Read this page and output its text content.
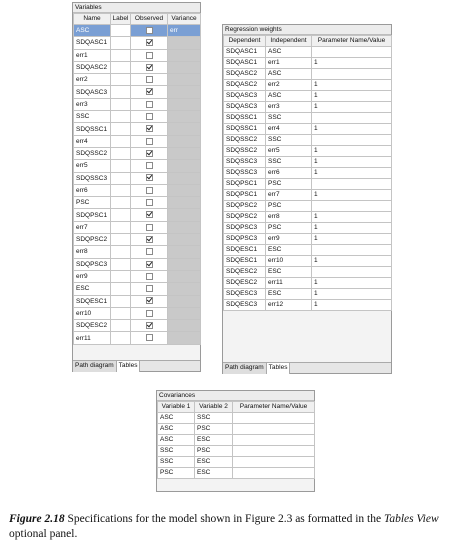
Variables
Name	Label	Observed	Variance
ASC			err
SDQASC1			
err1			
SDQASC2			
err2			
SDQASC3			
err3			
SSC			
SDQSSC1			
err4			
SDQSSC2			
err5			
SDQSSC3			
err6			
PSC			
SDQPSC1			
err7			
SDQPSC2			
err8			
SDQPSC3			
err9			
ESC			
SDQESC1			
err10			
SDQESC2			
err11			
Path diagram Tables
Regression weights
Dependent	Independent	Parameter Name/Value
SDQASC1	ASC	
SDQASC1	err1	1
SDQASC2	ASC	
SDQASC2	err2	1
SDQASC3	ASC	1
SDQASC3	err3	1
SDQSSC1	SSC	
SDQSSC1	err4	1
SDQSSC2	SSC	
SDQSSC2	err5	1
SDQSSC3	SSC	1
SDQSSC3	err6	1
SDQPSC1	PSC	
SDQPSC1	err7	1
SDQPSC2	PSC	
SDQPSC2	err8	1
SDQPSC3	PSC	1
SDQPSC3	err9	1
SDQESC1	ESC	
SDQESC1	err10	1
SDQESC2	ESC	
SDQESC2	err11	1
SDQESC3	ESC	1
SDQESC3	err12	1
Path diagram Tables
Covariances
Variable 1	Variable 2	Parameter Name/Value
ASC	SSC	
ASC	PSC	
ASC	ESC	
SSC	PSC	
SSC	ESC	
PSC	ESC	
Figure 2.18 Specifications for the model shown in Figure 2.3 as formatted in the Tables View optional panel.
